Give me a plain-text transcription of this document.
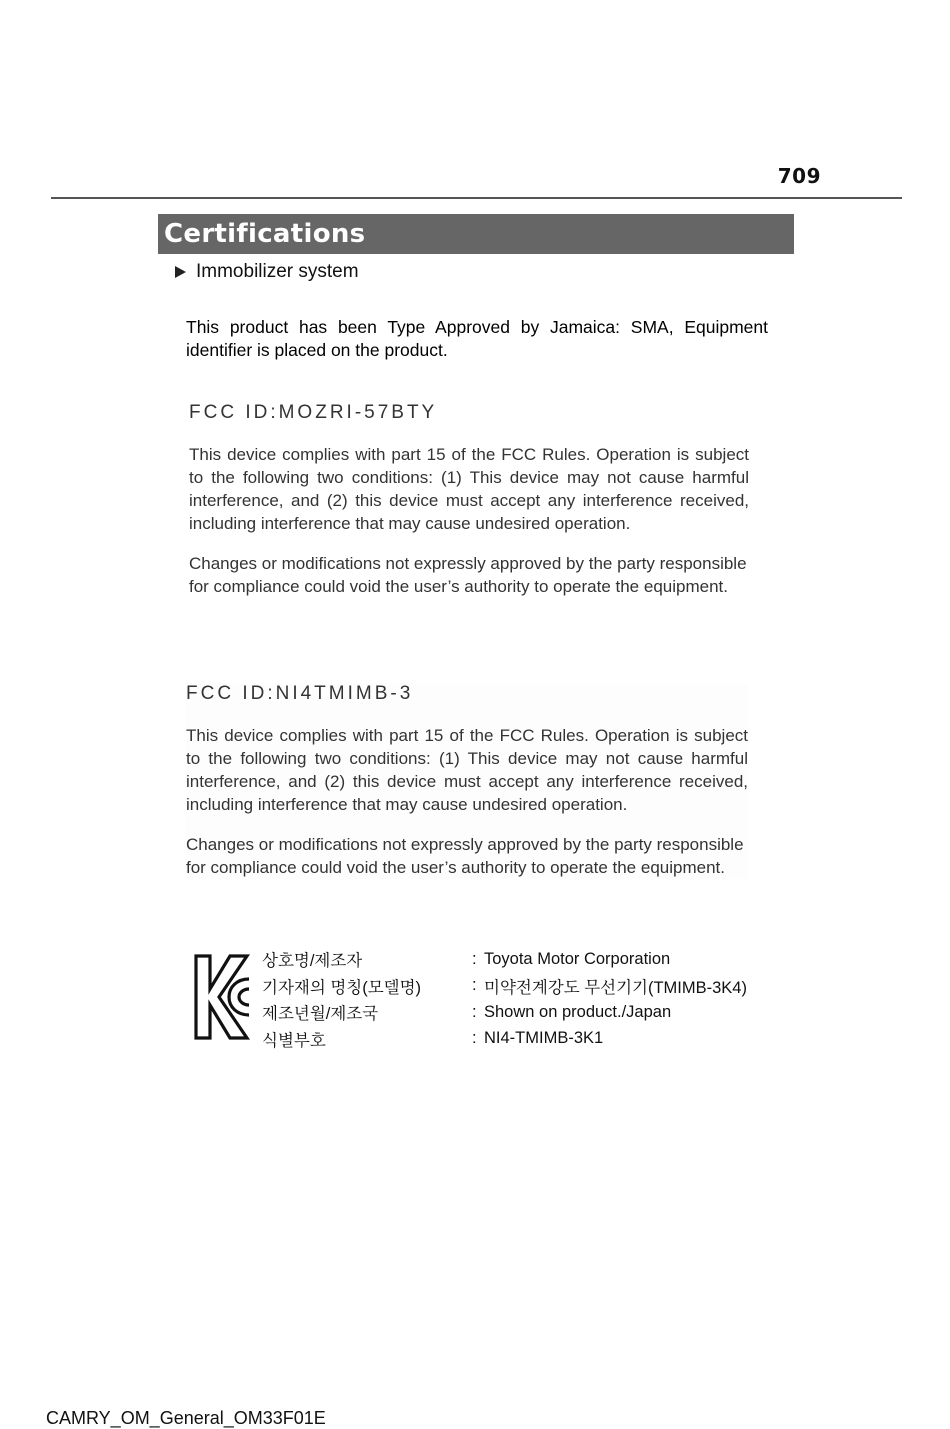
709
Certifications
Immobilizer system
This product has been Type Approved by Jamaica: SMA, Equipment identifier is placed on the product.
FCC ID:MOZRI-57BTY
This device complies with part 15 of the FCC Rules. Operation is subject to the following two conditions: (1) This device may not cause harmful interference, and (2) this device must accept any interference received, including interference that may cause undesired operation.
Changes or modifications not expressly approved by the party responsible for compliance could void the user’s authority to operate the equipment.
FCC ID:NI4TMIMB-3
This device complies with part 15 of the FCC Rules. Operation is subject to the following two conditions: (1) This device may not cause harmful interference, and (2) this device must accept any interference received, including interference that may cause undesired operation.
Changes or modifications not expressly approved by the party responsible for compliance could void the user’s authority to operate the equipment.
상호명/제조자	: Toyota Motor Corporation
기자재의 명칭(모델명)	: 미약전계강도 무선기기(TMIMB-3K4)
제조년월/제조국	: Shown on product./Japan
식별부호	: NI4-TMIMB-3K1
CAMRY_OM_General_OM33F01E
